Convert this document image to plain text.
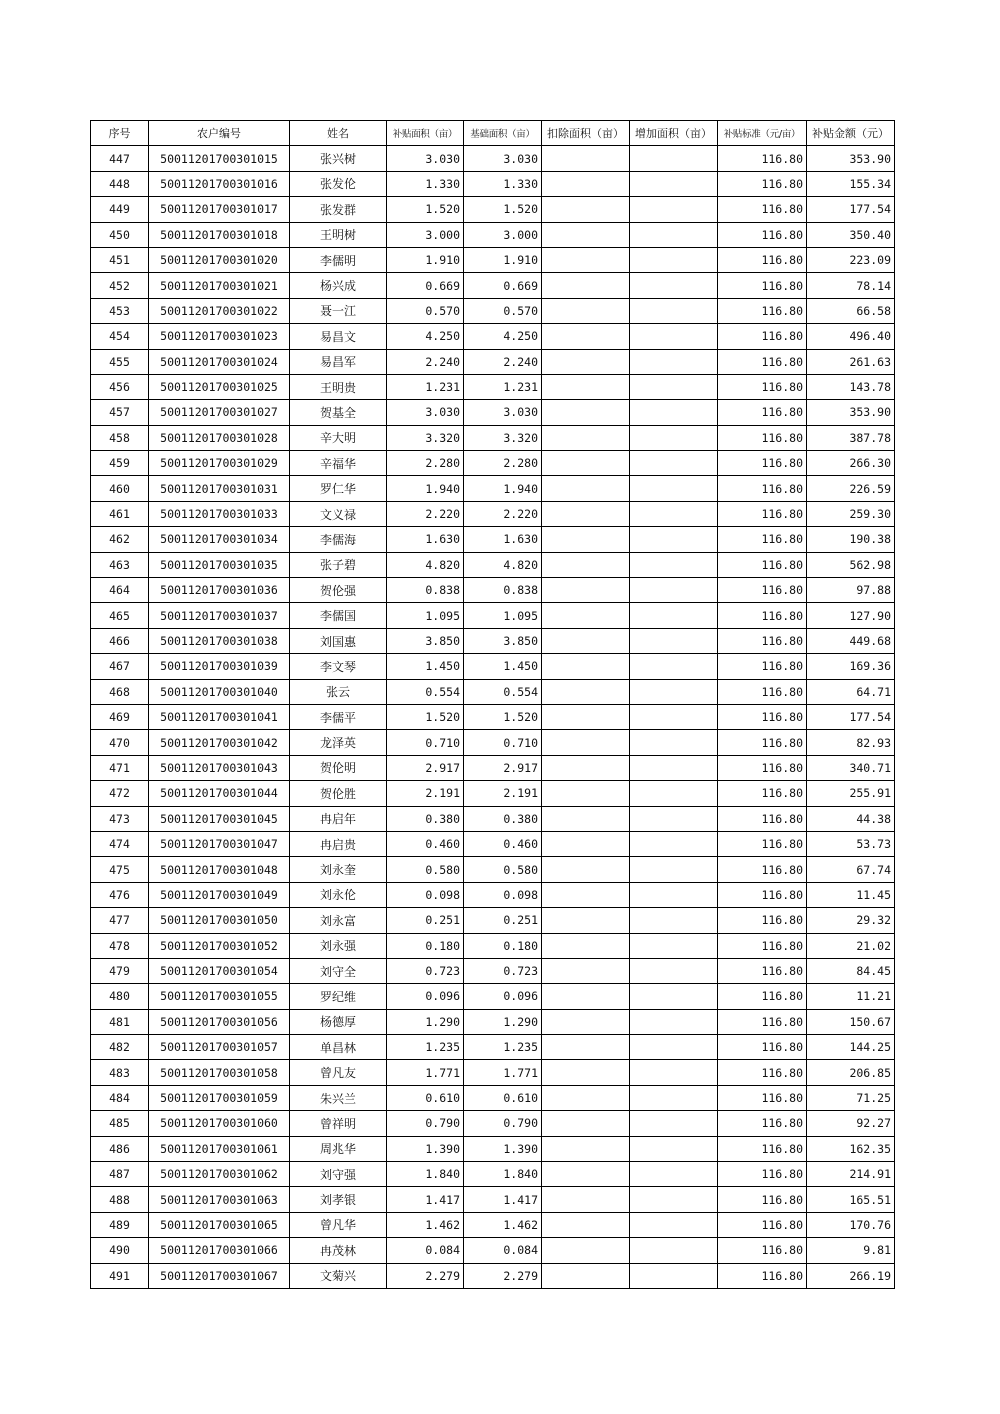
序号	农户编号	姓名	补贴面积（亩）	基础面积（亩）	扣除面积（亩）	增加面积（亩）	补贴标准（元/亩）	补贴金额（元）
447	50011201700301015	张兴树	3.030	3.030			116.80	353.90
448	50011201700301016	张发伦	1.330	1.330			116.80	155.34
449	50011201700301017	张发群	1.520	1.520			116.80	177.54
450	50011201700301018	王明树	3.000	3.000			116.80	350.40
451	50011201700301020	李儒明	1.910	1.910			116.80	223.09
452	50011201700301021	杨兴成	0.669	0.669			116.80	78.14
453	50011201700301022	聂一江	0.570	0.570			116.80	66.58
454	50011201700301023	易昌文	4.250	4.250			116.80	496.40
455	50011201700301024	易昌军	2.240	2.240			116.80	261.63
456	50011201700301025	王明贵	1.231	1.231			116.80	143.78
457	50011201700301027	贺基全	3.030	3.030			116.80	353.90
458	50011201700301028	辛大明	3.320	3.320			116.80	387.78
459	50011201700301029	辛福华	2.280	2.280			116.80	266.30
460	50011201700301031	罗仁华	1.940	1.940			116.80	226.59
461	50011201700301033	文义禄	2.220	2.220			116.80	259.30
462	50011201700301034	李儒海	1.630	1.630			116.80	190.38
463	50011201700301035	张子碧	4.820	4.820			116.80	562.98
464	50011201700301036	贺伦强	0.838	0.838			116.80	97.88
465	50011201700301037	李儒国	1.095	1.095			116.80	127.90
466	50011201700301038	刘国惠	3.850	3.850			116.80	449.68
467	50011201700301039	李文琴	1.450	1.450			116.80	169.36
468	50011201700301040	张云	0.554	0.554			116.80	64.71
469	50011201700301041	李儒平	1.520	1.520			116.80	177.54
470	50011201700301042	龙泽英	0.710	0.710			116.80	82.93
471	50011201700301043	贺伦明	2.917	2.917			116.80	340.71
472	50011201700301044	贺伦胜	2.191	2.191			116.80	255.91
473	50011201700301045	冉启年	0.380	0.380			116.80	44.38
474	50011201700301047	冉启贵	0.460	0.460			116.80	53.73
475	50011201700301048	刘永奎	0.580	0.580			116.80	67.74
476	50011201700301049	刘永伦	0.098	0.098			116.80	11.45
477	50011201700301050	刘永富	0.251	0.251			116.80	29.32
478	50011201700301052	刘永强	0.180	0.180			116.80	21.02
479	50011201700301054	刘守全	0.723	0.723			116.80	84.45
480	50011201700301055	罗纪维	0.096	0.096			116.80	11.21
481	50011201700301056	杨德厚	1.290	1.290			116.80	150.67
482	50011201700301057	单昌林	1.235	1.235			116.80	144.25
483	50011201700301058	曾凡友	1.771	1.771			116.80	206.85
484	50011201700301059	朱兴兰	0.610	0.610			116.80	71.25
485	50011201700301060	曾祥明	0.790	0.790			116.80	92.27
486	50011201700301061	周兆华	1.390	1.390			116.80	162.35
487	50011201700301062	刘守强	1.840	1.840			116.80	214.91
488	50011201700301063	刘孝银	1.417	1.417			116.80	165.51
489	50011201700301065	曾凡华	1.462	1.462			116.80	170.76
490	50011201700301066	冉茂林	0.084	0.084			116.80	9.81
491	50011201700301067	文菊兴	2.279	2.279			116.80	266.19
